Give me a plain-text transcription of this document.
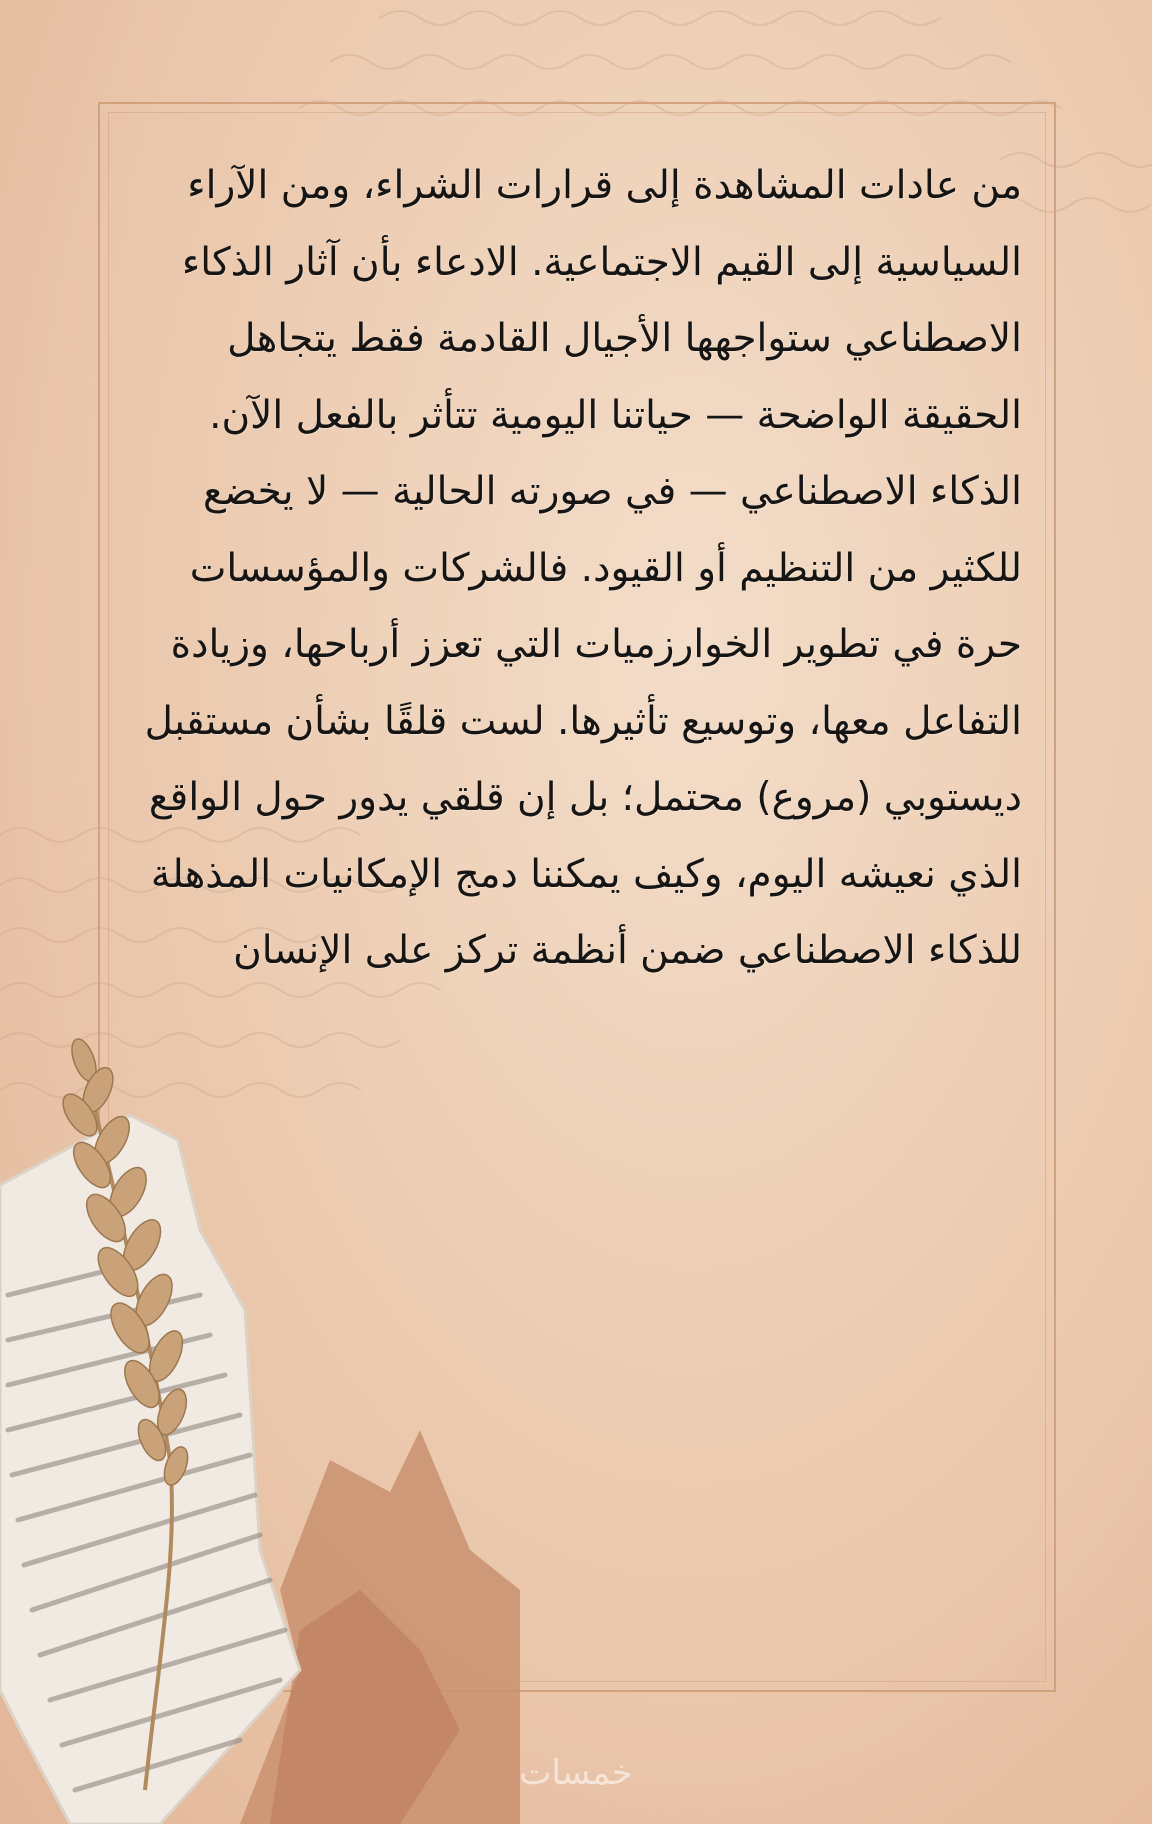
من عادات المشاهدة إلى قرارات الشراء، ومن الآراء السياسية إلى القيم الاجتماعية. الادعاء بأن آثار الذكاء الاصطناعي ستواجهها الأجيال القادمة فقط يتجاهل الحقيقة الواضحة — حياتنا اليومية تتأثر بالفعل الآن. الذكاء الاصطناعي — في صورته الحالية — لا يخضع للكثير من التنظيم أو القيود. فالشركات والمؤسسات حرة في تطوير الخوارزميات التي تعزز أرباحها، وزيادة التفاعل معها، وتوسيع تأثيرها. لست قلقًا بشأن مستقبل ديستوبي (مروع) محتمل؛ بل إن قلقي يدور حول الواقع الذي نعيشه اليوم، وكيف يمكننا دمج الإمكانيات المذهلة للذكاء الاصطناعي ضمن أنظمة تركز على الإنسان

خمسات
